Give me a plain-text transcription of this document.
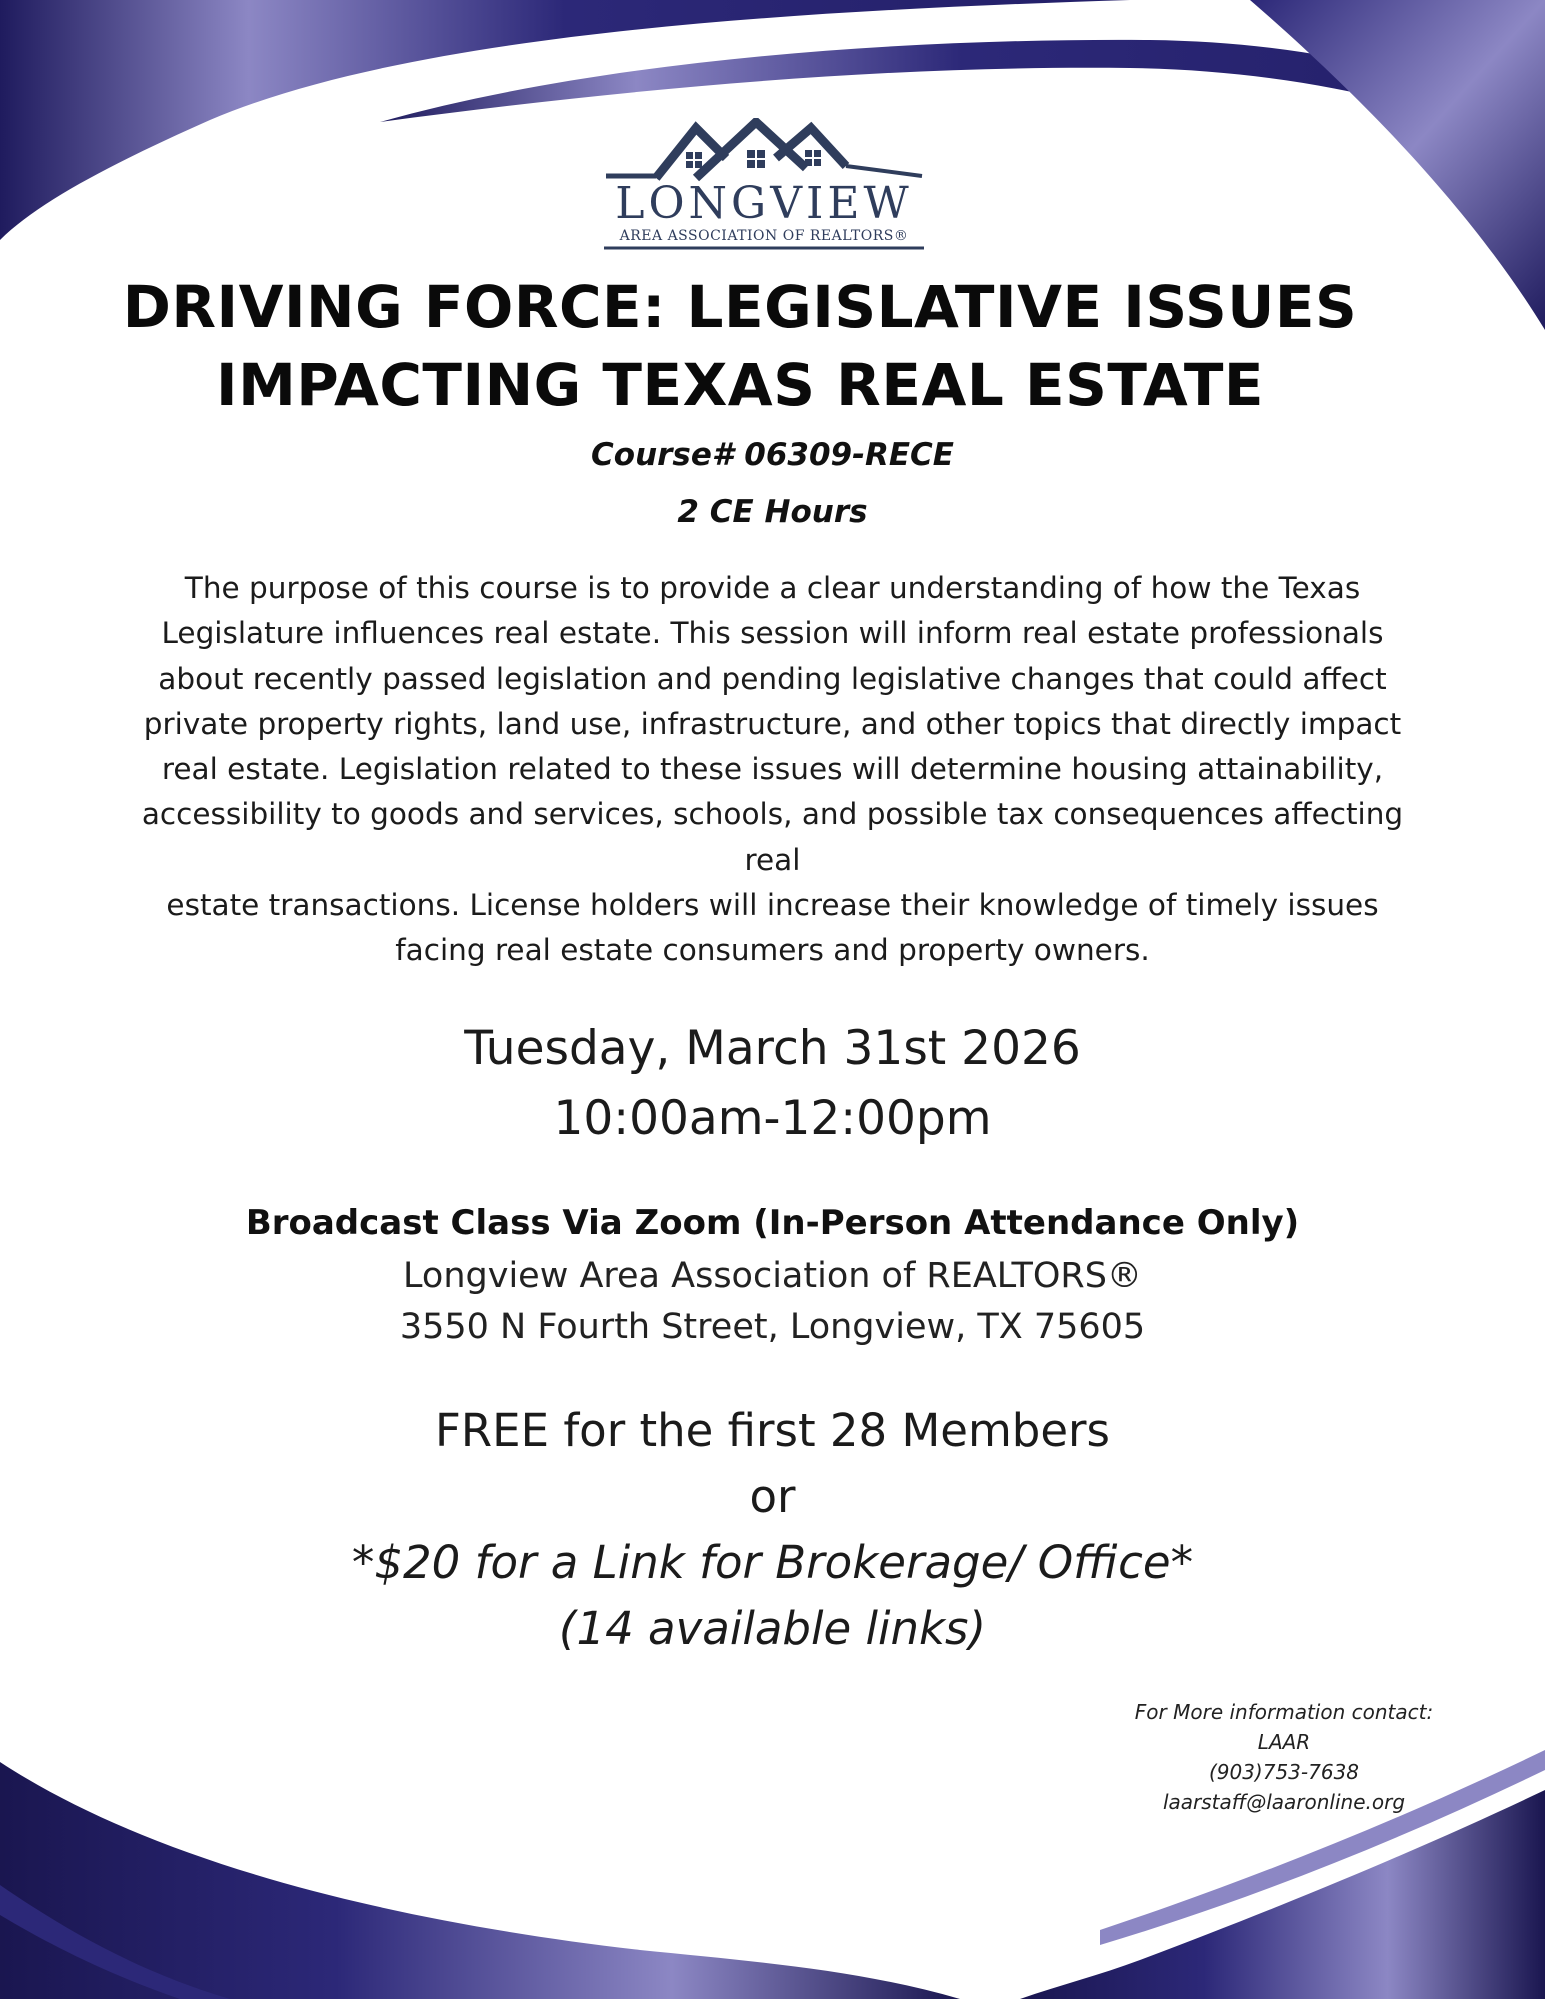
LONGVIEW
AREA ASSOCIATION OF REALTORS®
DRIVING FORCE: LEGISLATIVE ISSUES
IMPACTING TEXAS REAL ESTATE
Course# 06309-RECE
2 CE Hours
The purpose of this course is to provide a clear understanding of how the Texas
Legislature influences real estate. This session will inform real estate professionals
about recently passed legislation and pending legislative changes that could affect
private property rights, land use, infrastructure, and other topics that directly impact
real estate. Legislation related to these issues will determine housing attainability,
accessibility to goods and services, schools, and possible tax consequences affecting
real
estate transactions. License holders will increase their knowledge of timely issues
facing real estate consumers and property owners.
Tuesday, March 31st 2026
10:00am-12:00pm
Broadcast Class Via Zoom (In-Person Attendance Only)
Longview Area Association of REALTORS®
3550 N Fourth Street, Longview, TX 75605
FREE for the first 28 Members
or
*$20 for a Link for Brokerage/ Office*
(14 available links)
For More information contact:
LAAR
(903)753-7638
laarstaff@laaronline.org
